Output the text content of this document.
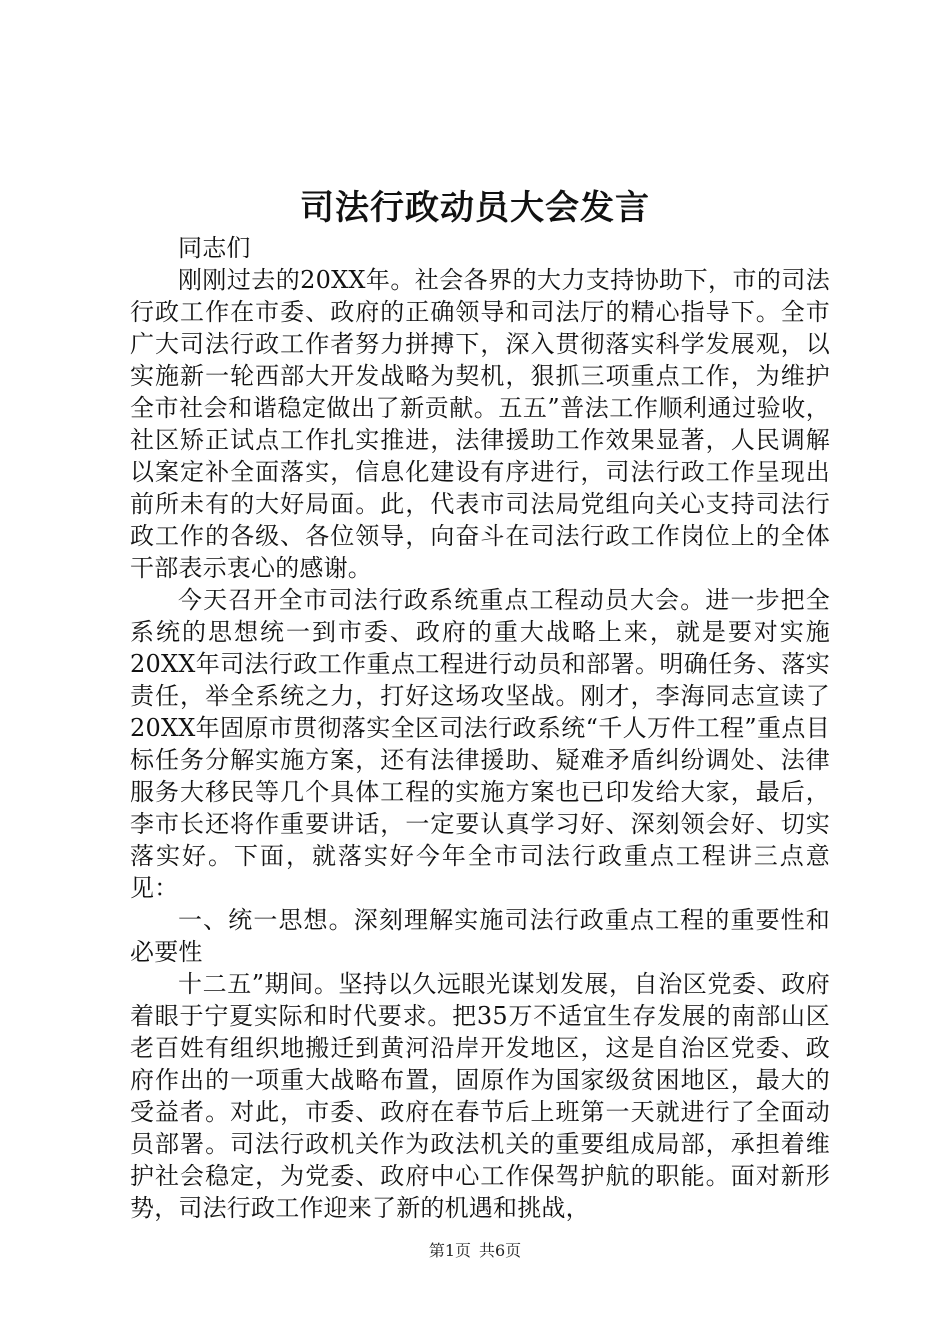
司法行政动员大会发言

同志们

刚刚过去的20XX年。社会各界的大力支持协助下，市的司法行政工作在市委、政府的正确领导和司法厅的精心指导下。全市广大司法行政工作者努力拼搏下，深入贯彻落实科学发展观，以实施新一轮西部大开发战略为契机，狠抓三项重点工作，为维护全市社会和谐稳定做出了新贡献。五五”普法工作顺利通过验收，社区矫正试点工作扎实推进，法律援助工作效果显著，人民调解以案定补全面落实，信息化建设有序进行，司法行政工作呈现出前所未有的大好局面。此，代表市司法局党组向关心支持司法行政工作的各级、各位领导，向奋斗在司法行政工作岗位上的全体干部表示衷心的感谢。

今天召开全市司法行政系统重点工程动员大会。进一步把全系统的思想统一到市委、政府的重大战略上来，就是要对实施20XX年司法行政工作重点工程进行动员和部署。明确任务、落实责任，举全系统之力，打好这场攻坚战。刚才，李海同志宣读了20XX年固原市贯彻落实全区司法行政系统“千人万件工程”重点目标任务分解实施方案，还有法律援助、疑难矛盾纠纷调处、法律服务大移民等几个具体工程的实施方案也已印发给大家，最后，李市长还将作重要讲话，一定要认真学习好、深刻领会好、切实落实好。下面，就落实好今年全市司法行政重点工程讲三点意见：

一、统一思想。深刻理解实施司法行政重点工程的重要性和必要性

十二五”期间。坚持以久远眼光谋划发展，自治区党委、政府着眼于宁夏实际和时代要求。把35万不适宜生存发展的南部山区老百姓有组织地搬迁到黄河沿岸开发地区，这是自治区党委、政府作出的一项重大战略布置，固原作为国家级贫困地区，最大的受益者。对此，市委、政府在春节后上班第一天就进行了全面动员部署。司法行政机关作为政法机关的重要组成局部，承担着维护社会稳定，为党委、政府中心工作保驾护航的职能。面对新形势，司法行政工作迎来了新的机遇和挑战，

第1页 共6页
